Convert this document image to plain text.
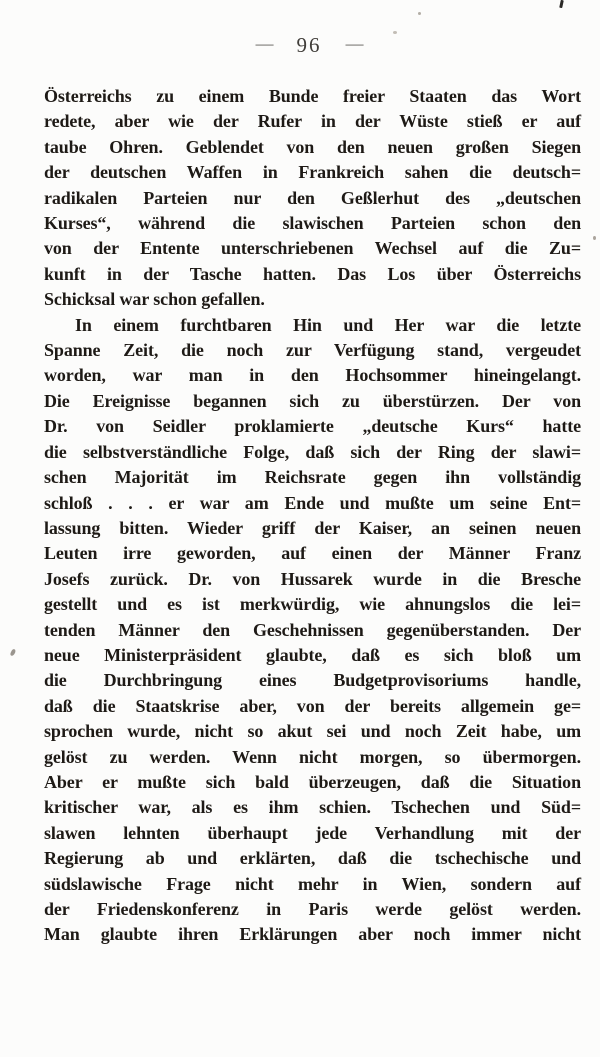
— 96 —
Österreichs zu einem Bunde freier Staaten das Wort
redete, aber wie der Rufer in der Wüste stieß er auf
taube Ohren. Geblendet von den neuen großen Siegen
der deutschen Waffen in Frankreich sahen die deutsch=
radikalen Parteien nur den Geßlerhut des „deutschen
Kurses“, während die slawischen Parteien schon den
von der Entente unterschriebenen Wechsel auf die Zu=
kunft in der Tasche hatten. Das Los über Österreichs
Schicksal war schon gefallen.
In einem furchtbaren Hin und Her war die letzte
Spanne Zeit, die noch zur Verfügung stand, vergeudet
worden, war man in den Hochsommer hineingelangt.
Die Ereignisse begannen sich zu überstürzen. Der von
Dr. von Seidler proklamierte „deutsche Kurs“ hatte
die selbstverständliche Folge, daß sich der Ring der slawi=
schen Majorität im Reichsrate gegen ihn vollständig
schloß . . . er war am Ende und mußte um seine Ent=
lassung bitten. Wieder griff der Kaiser, an seinen neuen
Leuten irre geworden, auf einen der Männer Franz
Josefs zurück. Dr. von Hussarek wurde in die Bresche
gestellt und es ist merkwürdig, wie ahnungslos die lei=
tenden Männer den Geschehnissen gegenüberstanden. Der
neue Ministerpräsident glaubte, daß es sich bloß um
die Durchbringung eines Budgetprovisoriums handle,
daß die Staatskrise aber, von der bereits allgemein ge=
sprochen wurde, nicht so akut sei und noch Zeit habe, um
gelöst zu werden. Wenn nicht morgen, so übermorgen.
Aber er mußte sich bald überzeugen, daß die Situation
kritischer war, als es ihm schien. Tschechen und Süd=
slawen lehnten überhaupt jede Verhandlung mit der
Regierung ab und erklärten, daß die tschechische und
südslawische Frage nicht mehr in Wien, sondern auf
der Friedenskonferenz in Paris werde gelöst werden.
Man glaubte ihren Erklärungen aber noch immer nicht
